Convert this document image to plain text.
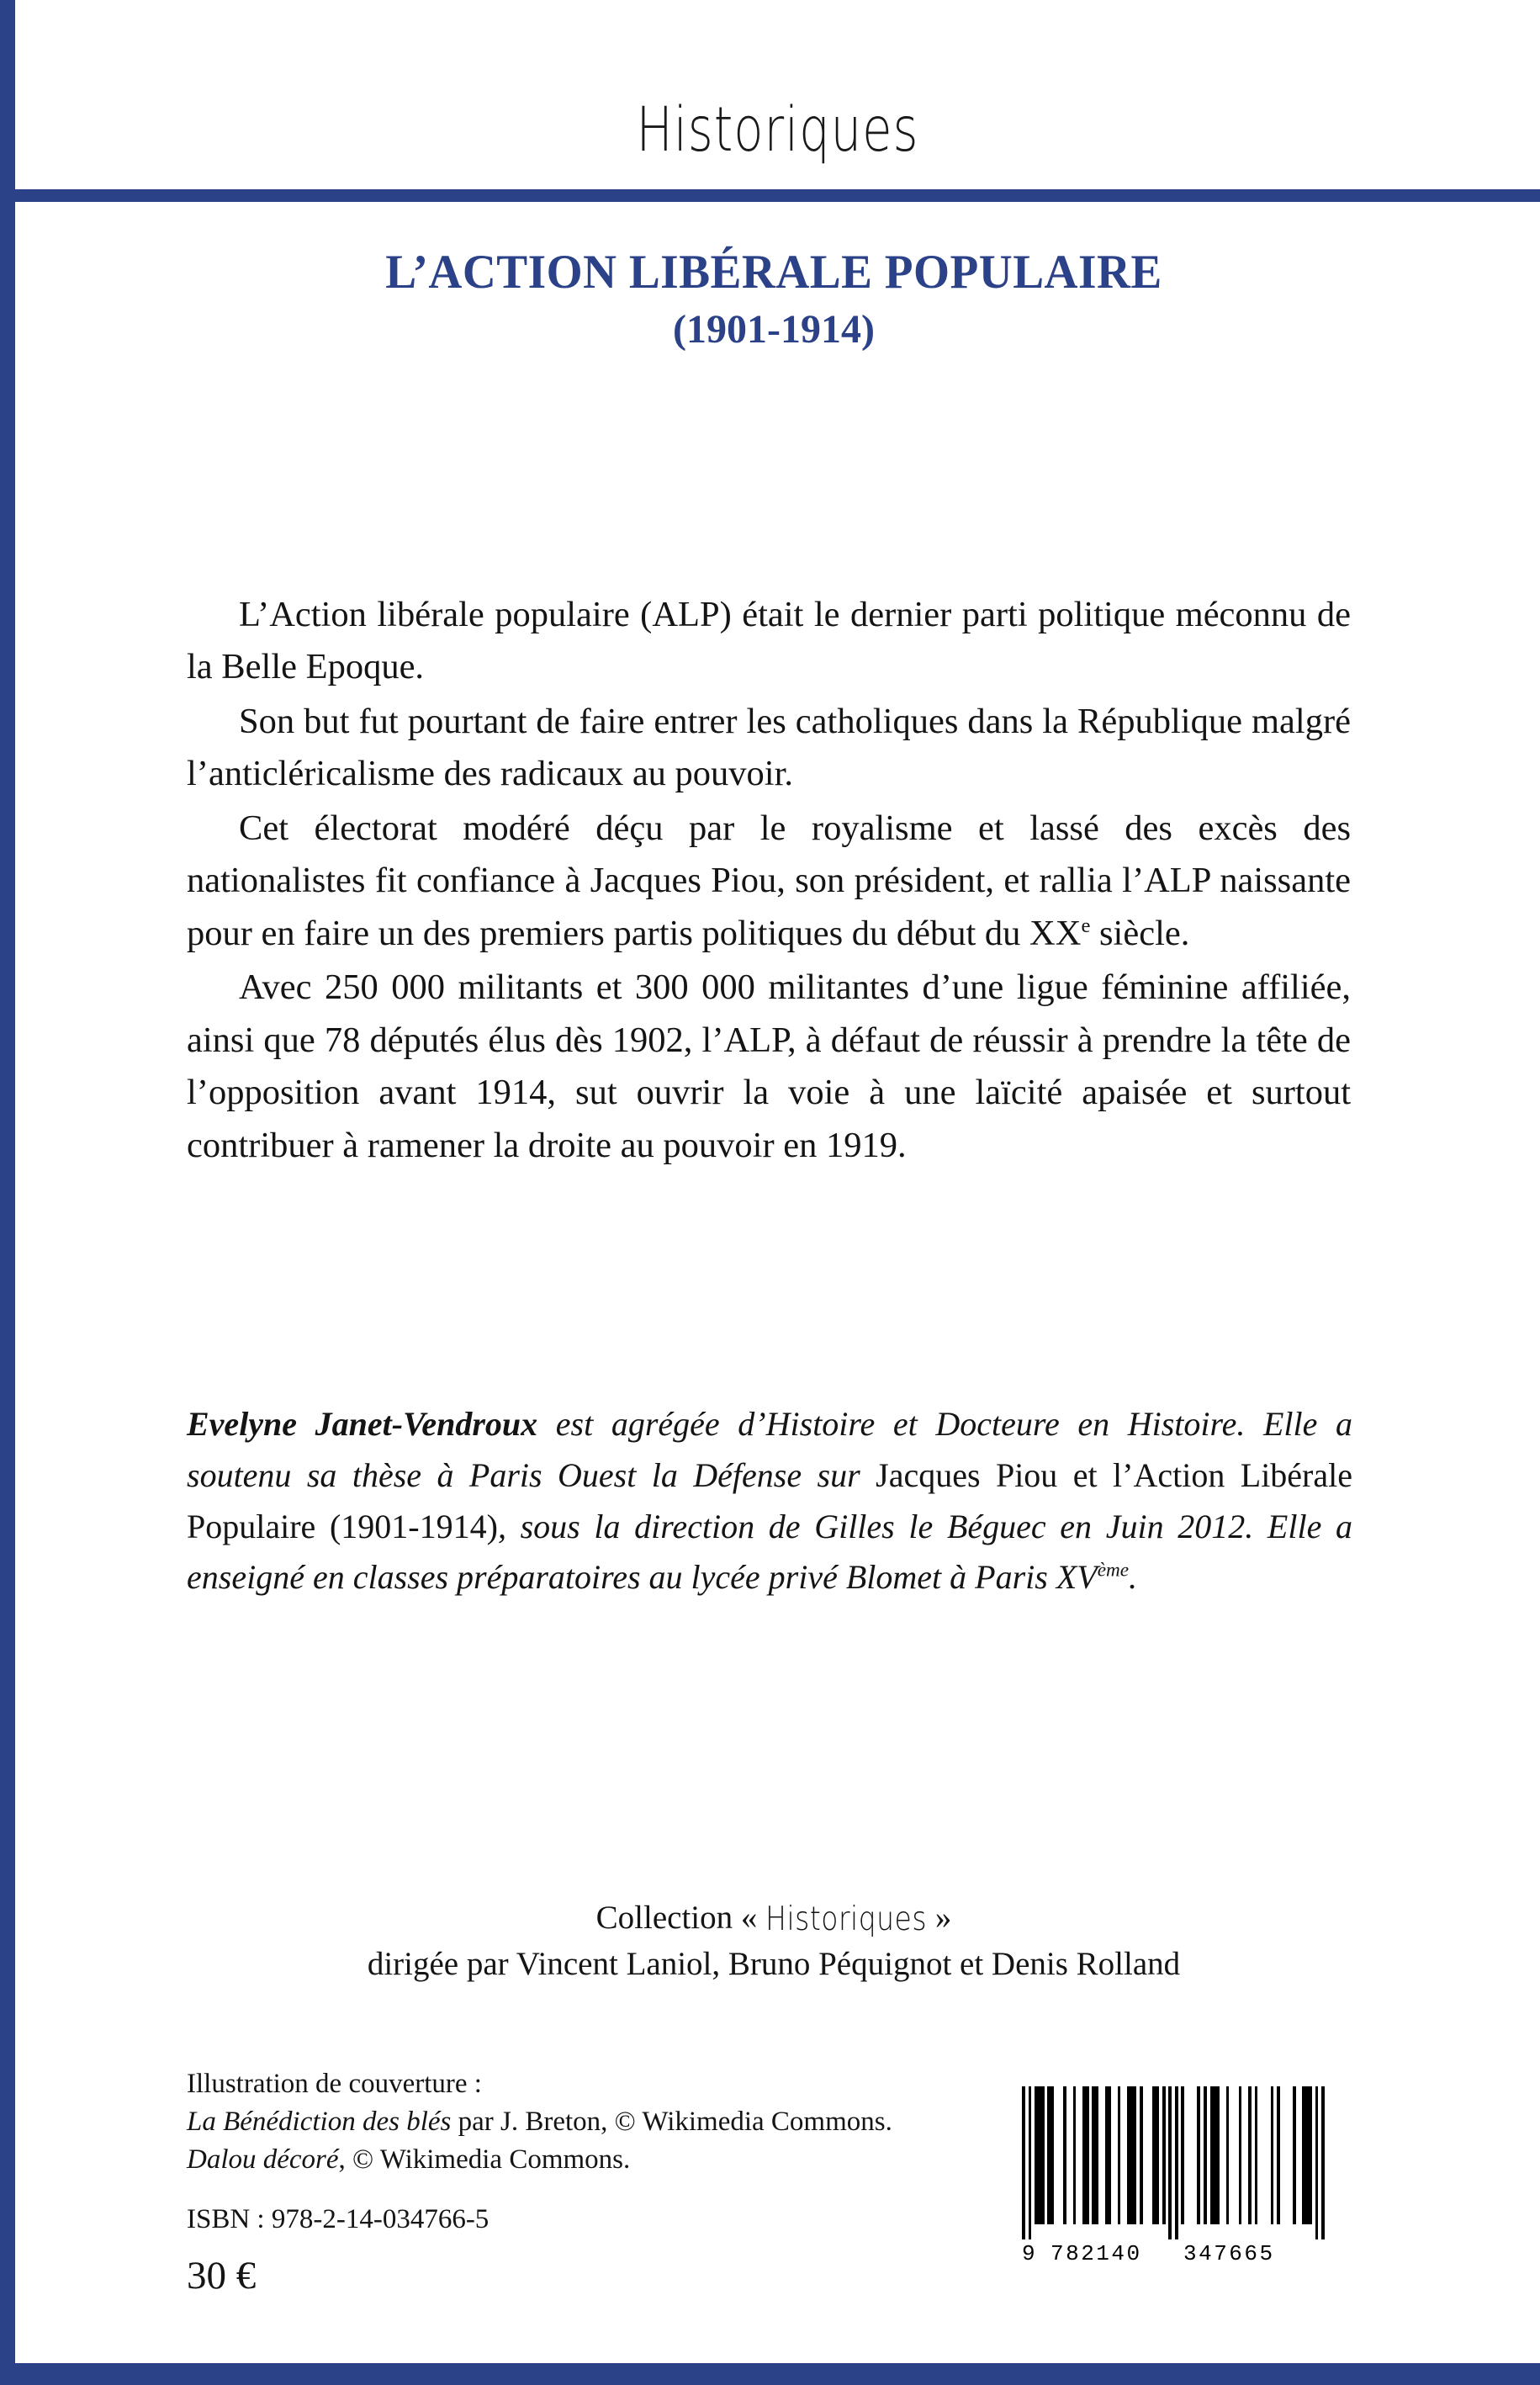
Historiques
L’ACTION LIBÉRALE POPULAIRE
(1901-1914)

L’Action libérale populaire (ALP) était le dernier parti politique méconnu de la Belle Epoque.

Son but fut pourtant de faire entrer les catholiques dans la République malgré l’anticléricalisme des radicaux au pouvoir.

Cet électorat modéré déçu par le royalisme et lassé des excès des nationalistes fit confiance à Jacques Piou, son président, et rallia l’ALP naissante pour en faire un des premiers partis politiques du début du XXe siècle.

Avec 250 000 militants et 300 000 militantes d’une ligue féminine affiliée, ainsi que 78 députés élus dès 1902, l’ALP, à défaut de réussir à prendre la tête de l’opposition avant 1914, sut ouvrir la voie à une laïcité apaisée et surtout contribuer à ramener la droite au pouvoir en 1919.

Evelyne Janet-Vendroux est agrégée d’Histoire et Docteure en Histoire. Elle a soutenu sa thèse à Paris Ouest la Défense sur Jacques Piou et l’Action Libérale Populaire (1901-1914), sous la direction de Gilles le Béguec en Juin 2012. Elle a enseigné en classes préparatoires au lycée privé Blomet à Paris XVème.
Collection « Historiques »
dirigée par Vincent Laniol, Bruno Péquignot et Denis Rolland
Illustration de couverture :
La Bénédiction des blés par J. Breton, © Wikimedia Commons.
Dalou décoré, © Wikimedia Commons.
ISBN : 978-2-14-034766-5
30 €	9 782140 347665
